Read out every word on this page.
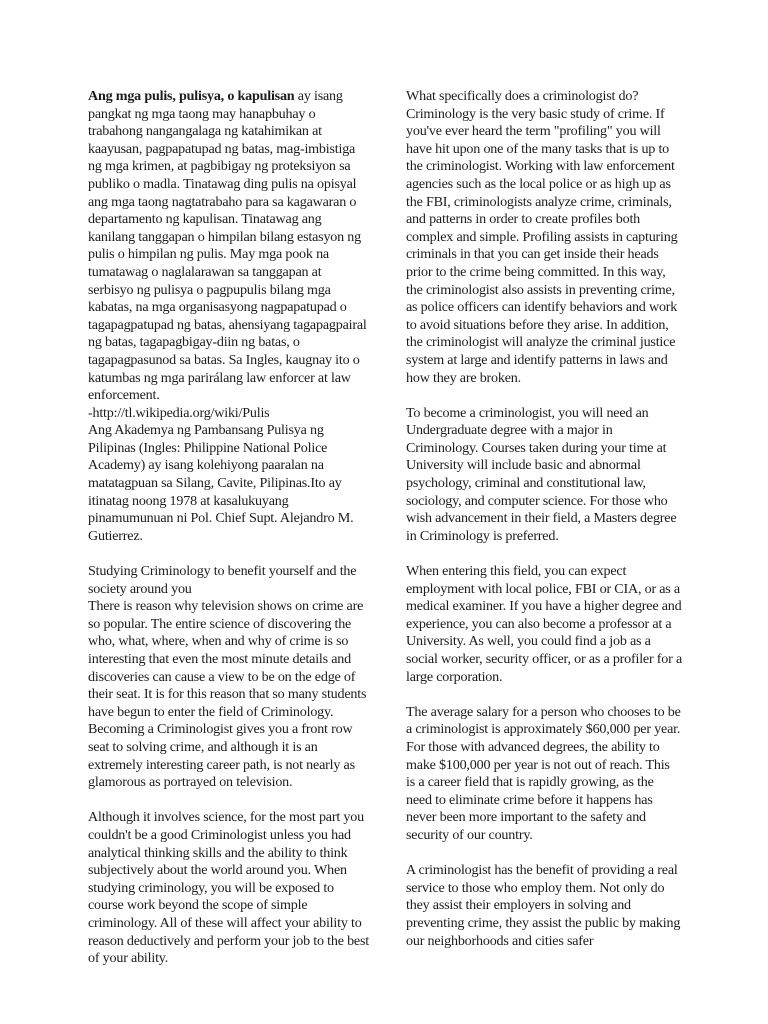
Ang mga pulis, pulisya, o kapulisan ay isang pangkat ng mga taong may hanapbuhay o trabahong nangangalaga ng katahimikan at kaayusan, pagpapatupad ng batas, mag-imbistiga ng mga krimen, at pagbibigay ng proteksiyon sa publiko o madla. Tinatawag ding pulis na opisyal ang mga taong nagtatrabaho para sa kagawaran o departamento ng kapulisan. Tinatawag ang kanilang tanggapan o himpilan bilang estasyon ng pulis o himpilan ng pulis. May mga pook na tumatawag o naglalarawan sa tanggapan at serbisyo ng pulisya o pagpupulis bilang mga kabatas, na mga organisasyong nagpapatupad o tagapagpatupad ng batas, ahensiyang tagapagpairal ng batas, tagapagbigay-diin ng batas, o tagapagpasunod sa batas. Sa Ingles, kaugnay ito o katumbas ng mga parirálang law enforcer at law enforcement.

-http://tl.wikipedia.org/wiki/Pulis

Ang Akademya ng Pambansang Pulisya ng Pilipinas (Ingles: Philippine National Police Academy) ay isang kolehiyong paaralan na matatagpuan sa Silang, Cavite, Pilipinas.Ito ay itinatag noong 1978 at kasalukuyang pinamumunuan ni Pol. Chief Supt. Alejandro M. Gutierrez.

Studying Criminology to benefit yourself and the society around you

There is reason why television shows on crime are so popular. The entire science of discovering the who, what, where, when and why of crime is so interesting that even the most minute details and discoveries can cause a view to be on the edge of their seat. It is for this reason that so many students have begun to enter the field of Criminology. Becoming a Criminologist gives you a front row seat to solving crime, and although it is an extremely interesting career path, is not nearly as glamorous as portrayed on television.

Although it involves science, for the most part you couldn't be a good Criminologist unless you had analytical thinking skills and the ability to think subjectively about the world around you. When studying criminology, you will be exposed to course work beyond the scope of simple criminology. All of these will affect your ability to reason deductively and perform your job to the best of your ability.

What specifically does a criminologist do? Criminology is the very basic study of crime. If you've ever heard the term "profiling" you will have hit upon one of the many tasks that is up to the criminologist. Working with law enforcement agencies such as the local police or as high up as the FBI, criminologists analyze crime, criminals, and patterns in order to create profiles both complex and simple. Profiling assists in capturing criminals in that you can get inside their heads prior to the crime being committed. In this way, the criminologist also assists in preventing crime, as police officers can identify behaviors and work to avoid situations before they arise. In addition, the criminologist will analyze the criminal justice system at large and identify patterns in laws and how they are broken.

To become a criminologist, you will need an Undergraduate degree with a major in Criminology. Courses taken during your time at University will include basic and abnormal psychology, criminal and constitutional law, sociology, and computer science. For those who wish advancement in their field, a Masters degree in Criminology is preferred.

When entering this field, you can expect employment with local police, FBI or CIA, or as a medical examiner. If you have a higher degree and experience, you can also become a professor at a University. As well, you could find a job as a social worker, security officer, or as a profiler for a large corporation.

The average salary for a person who chooses to be a criminologist is approximately $60,000 per year. For those with advanced degrees, the ability to make $100,000 per year is not out of reach. This is a career field that is rapidly growing, as the need to eliminate crime before it happens has never been more important to the safety and security of our country.

A criminologist has the benefit of providing a real service to those who employ them. Not only do they assist their employers in solving and preventing crime, they assist the public by making our neighborhoods and cities safer
